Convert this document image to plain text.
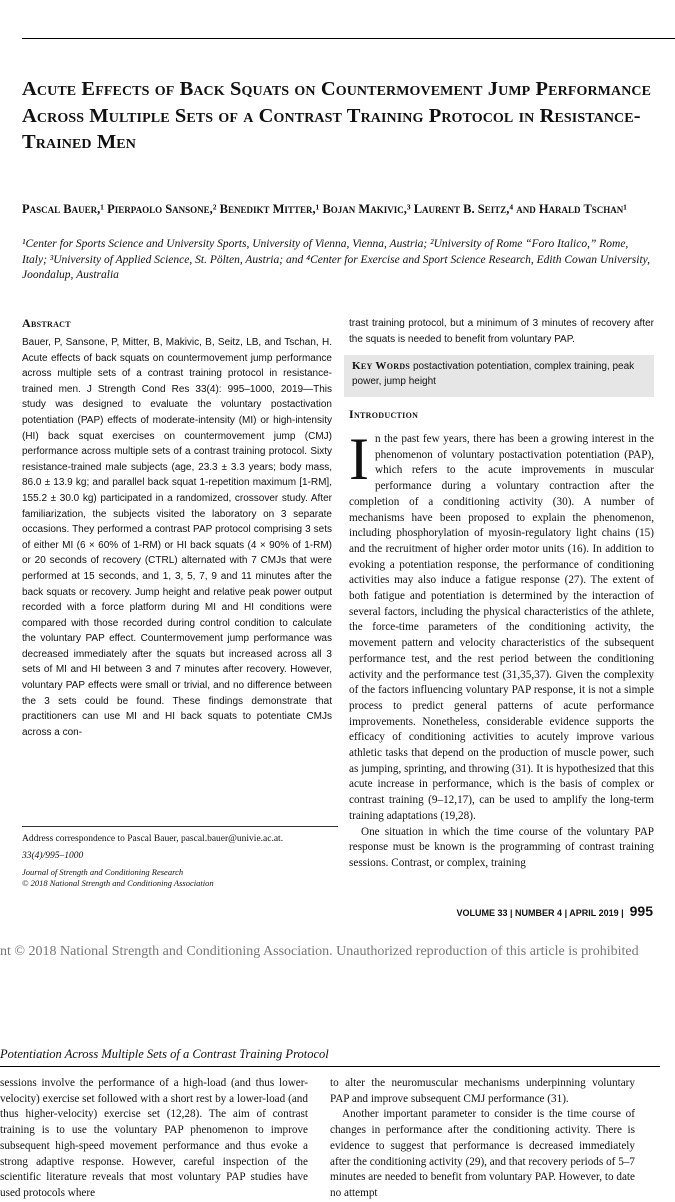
Acute Effects of Back Squats on Countermovement Jump Performance Across Multiple Sets of a Contrast Training Protocol in Resistance-Trained Men
Pascal Bauer,¹ Pierpaolo Sansone,² Benedikt Mitter,¹ Bojan Makivic,³ Laurent B. Seitz,⁴ and Harald Tschan¹
¹Center for Sports Science and University Sports, University of Vienna, Vienna, Austria; ²University of Rome “Foro Italico,” Rome, Italy; ³University of Applied Science, St. Pölten, Austria; and ⁴Center for Exercise and Sport Science Research, Edith Cowan University, Joondalup, Australia
Abstract
Bauer, P, Sansone, P, Mitter, B, Makivic, B, Seitz, LB, and Tschan, H. Acute effects of back squats on countermovement jump performance across multiple sets of a contrast training protocol in resistance-trained men. J Strength Cond Res 33(4): 995–1000, 2019—This study was designed to evaluate the voluntary postactivation potentiation (PAP) effects of moderate-intensity (MI) or high-intensity (HI) back squat exercises on countermovement jump (CMJ) performance across multiple sets of a contrast training protocol. Sixty resistance-trained male subjects (age, 23.3 ± 3.3 years; body mass, 86.0 ± 13.9 kg; and parallel back squat 1-repetition maximum [1-RM], 155.2 ± 30.0 kg) participated in a randomized, crossover study. After familiarization, the subjects visited the laboratory on 3 separate occasions. They performed a contrast PAP protocol comprising 3 sets of either MI (6 × 60% of 1-RM) or HI back squats (4 × 90% of 1-RM) or 20 seconds of recovery (CTRL) alternated with 7 CMJs that were performed at 15 seconds, and 1, 3, 5, 7, 9 and 11 minutes after the back squats or recovery. Jump height and relative peak power output recorded with a force platform during MI and HI conditions were compared with those recorded during control condition to calculate the voluntary PAP effect. Countermovement jump performance was decreased immediately after the squats but increased across all 3 sets of MI and HI between 3 and 7 minutes after recovery. However, voluntary PAP effects were small or trivial, and no difference between the 3 sets could be found. These findings demonstrate that practitioners can use MI and HI back squats to potentiate CMJs across a con-
trast training protocol, but a minimum of 3 minutes of recovery after the squats is needed to benefit from voluntary PAP.
Key Words postactivation potentiation, complex training, peak power, jump height
Introduction
In the past few years, there has been a growing interest in the phenomenon of voluntary postactivation potentiation (PAP), which refers to the acute improvements in muscular performance during a voluntary contraction after the completion of a conditioning activity (30). A number of mechanisms have been proposed to explain the phenomenon, including phosphorylation of myosin-regulatory light chains (15) and the recruitment of higher order motor units (16). In addition to evoking a potentiation response, the performance of conditioning activities may also induce a fatigue response (27). The extent of both fatigue and potentiation is determined by the interaction of several factors, including the physical characteristics of the athlete, the force-time parameters of the conditioning activity, the movement pattern and velocity characteristics of the subsequent performance test, and the rest period between the conditioning activity and the performance test (31,35,37). Given the complexity of the factors influencing voluntary PAP response, it is not a simple process to predict general patterns of acute performance improvements. Nonetheless, considerable evidence supports the efficacy of conditioning activities to acutely improve various athletic tasks that depend on the production of muscle power, such as jumping, sprinting, and throwing (31). It is hypothesized that this acute increase in performance, which is the basis of complex or contrast training (9–12,17), can be used to amplify the long-term training adaptations (19,28).
One situation in which the time course of the voluntary PAP response must be known is the programming of contrast training sessions. Contrast, or complex, training
Address correspondence to Pascal Bauer, pascal.bauer@univie.ac.at.
33(4)/995–1000
Journal of Strength and Conditioning Research
© 2018 National Strength and Conditioning Association
VOLUME 33 | NUMBER 4 | APRIL 2019 | 995
nt © 2018 National Strength and Conditioning Association. Unauthorized reproduction of this article is prohibited
Potentiation Across Multiple Sets of a Contrast Training Protocol
sessions involve the performance of a high-load (and thus lower-velocity) exercise set followed with a short rest by a lower-load (and thus higher-velocity) exercise set (12,28). The aim of contrast training is to use the voluntary PAP phenomenon to improve subsequent high-speed movement performance and thus evoke a strong adaptive response. However, careful inspection of the scientific literature reveals that most voluntary PAP studies have used protocols where
to alter the neuromuscular mechanisms underpinning voluntary PAP and improve subsequent CMJ performance (31).
Another important parameter to consider is the time course of changes in performance after the conditioning activity. There is evidence to suggest that performance is decreased immediately after the conditioning activity (29), and that recovery periods of 5–7 minutes are needed to benefit from voluntary PAP. However, to date no attempt
